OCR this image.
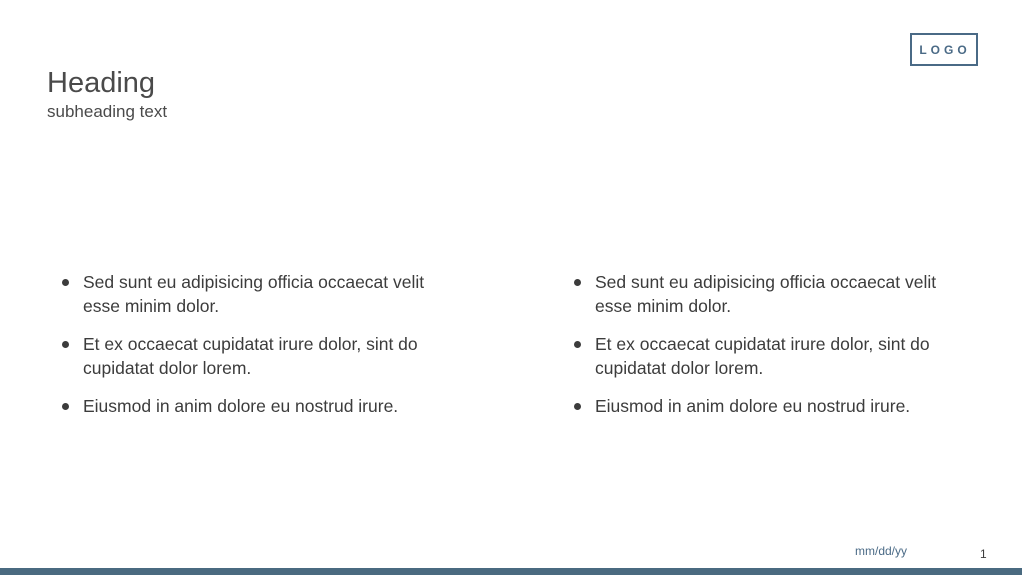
Heading

subheading text

LOGO
Sed sunt eu adipisicing officia occaecat velit esse minim dolor.
Et ex occaecat cupidatat irure dolor, sint do cupidatat dolor lorem.
Eiusmod in anim dolore eu nostrud irure.
Sed sunt eu adipisicing officia occaecat velit esse minim dolor.
Et ex occaecat cupidatat irure dolor, sint do cupidatat dolor lorem.
Eiusmod in anim dolore eu nostrud irure.
mm/dd/yy	1
